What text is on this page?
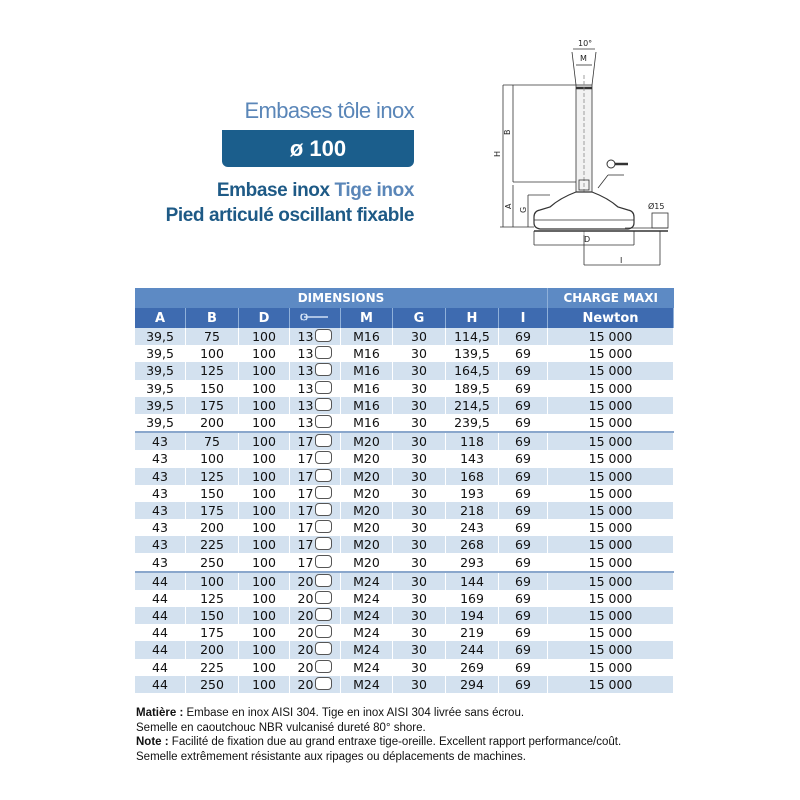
Embases tôle inox
ø 100
Embase inox Tige inox
Pied articulé oscillant fixable
10°
M
B
H
A
G
D
I
Ø15
DIMENSIONS								CHARGE MAXI
A	B	D		M	G	H	I	Newton
39,5	75	100	13	M16	30	114,5	69	15 000
39,5	100	100	13	M16	30	139,5	69	15 000
39,5	125	100	13	M16	30	164,5	69	15 000
39,5	150	100	13	M16	30	189,5	69	15 000
39,5	175	100	13	M16	30	214,5	69	15 000
39,5	200	100	13	M16	30	239,5	69	15 000
43	75	100	17	M20	30	118	69	15 000
43	100	100	17	M20	30	143	69	15 000
43	125	100	17	M20	30	168	69	15 000
43	150	100	17	M20	30	193	69	15 000
43	175	100	17	M20	30	218	69	15 000
43	200	100	17	M20	30	243	69	15 000
43	225	100	17	M20	30	268	69	15 000
43	250	100	17	M20	30	293	69	15 000
44	100	100	20	M24	30	144	69	15 000
44	125	100	20	M24	30	169	69	15 000
44	150	100	20	M24	30	194	69	15 000
44	175	100	20	M24	30	219	69	15 000
44	200	100	20	M24	30	244	69	15 000
44	225	100	20	M24	30	269	69	15 000
44	250	100	20	M24	30	294	69	15 000
Matière : Embase en inox AISI 304. Tige en inox AISI 304 livrée sans écrou.
Semelle en caoutchouc NBR vulcanisé dureté 80° shore.
Note : Facilité de fixation due au grand entraxe tige-oreille. Excellent rapport performance/coût.
Semelle extrêmement résistante aux ripages ou déplacements de machines.
